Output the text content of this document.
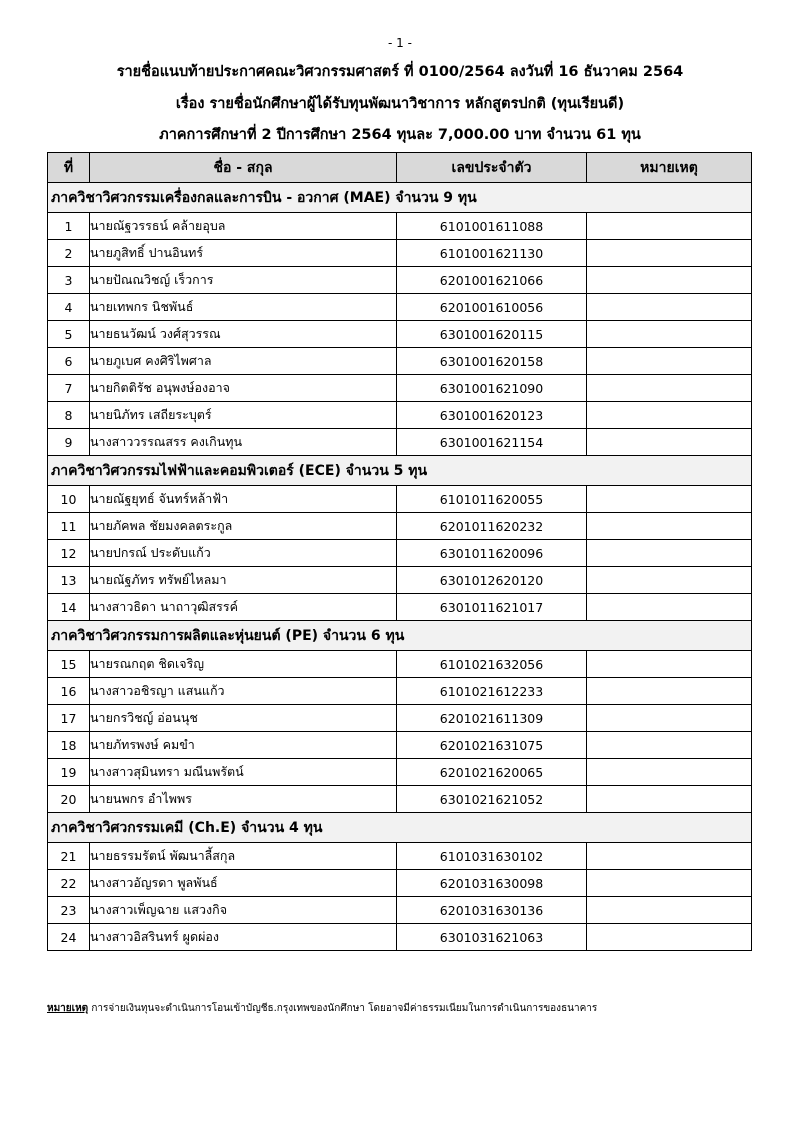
- 1 -
รายชื่อแนบท้ายประกาศคณะวิศวกรรมศาสตร์ ที่ 0100/2564 ลงวันที่ 16 ธันวาคม 2564
เรื่อง รายชื่อนักศึกษาผู้ได้รับทุนพัฒนาวิชาการ หลักสูตรปกติ (ทุนเรียนดี)
ภาคการศึกษาที่ 2 ปีการศึกษา 2564 ทุนละ 7,000.00 บาท จำนวน 61 ทุน
ที่	ชื่อ - สกุล	เลขประจำตัว	หมายเหตุ
ภาควิชาวิศวกรรมเครื่องกลและการบิน - อวกาศ (MAE) จำนวน 9 ทุน			
1	นายณัฐวรรธน์ คล้ายอุบล	6101001611088	
2	นายภูสิทธิ์ ปานอินทร์	6101001621130	
3	นายปัณณวิชญ์ เร็วการ	6201001621066	
4	นายเทพกร นิชพันธ์	6201001610056	
5	นายธนวัฒน์ วงศ์สุวรรณ	6301001620115	
6	นายภูเบศ คงศิริไพศาล	6301001620158	
7	นายกิตติรัช อนุพงษ์องอาจ	6301001621090	
8	นายนิภัทร เสถียระบุตร์	6301001620123	
9	นางสาววรรณสรร คงเกินทุน	6301001621154	
ภาควิชาวิศวกรรมไฟฟ้าและคอมพิวเตอร์ (ECE) จำนวน 5 ทุน			
10	นายณัฐยุทธ์ จันทร์หล้าฟ้า	6101011620055	
11	นายภัคพล ชัยมงคลตระกูล	6201011620232	
12	นายปกรณ์ ประดับแก้ว	6301011620096	
13	นายณัฐภัทร ทรัพย์ไหลมา	6301012620120	
14	นางสาวธิดา นาถาวุฒิสรรค์	6301011621017	
ภาควิชาวิศวกรรมการผลิตและหุ่นยนต์ (PE) จำนวน 6 ทุน			
15	นายรณกฤต ชิดเจริญ	6101021632056	
16	นางสาวอชิรญา แสนแก้ว	6101021612233	
17	นายกรวิชญ์ อ่อนนุช	6201021611309	
18	นายภัทรพงษ์ คมขำ	6201021631075	
19	นางสาวสุมินทรา มณีนพรัตน์	6201021620065	
20	นายนพกร อำไพพร	6301021621052	
ภาควิชาวิศวกรรมเคมี (Ch.E) จำนวน 4 ทุน			
21	นายธรรมรัตน์ พัฒนาลี้สกุล	6101031630102	
22	นางสาวอัญรดา พูลพันธ์	6201031630098	
23	นางสาวเพ็ญฉาย แสวงกิจ	6201031630136	
24	นางสาวอิสรินทร์ ผูดผ่อง	6301031621063	
หมายเหตุ การจ่ายเงินทุนจะดำเนินการโอนเข้าบัญชีธ.กรุงเทพของนักศึกษา โดยอาจมีค่าธรรมเนียมในการดำเนินการของธนาคาร
